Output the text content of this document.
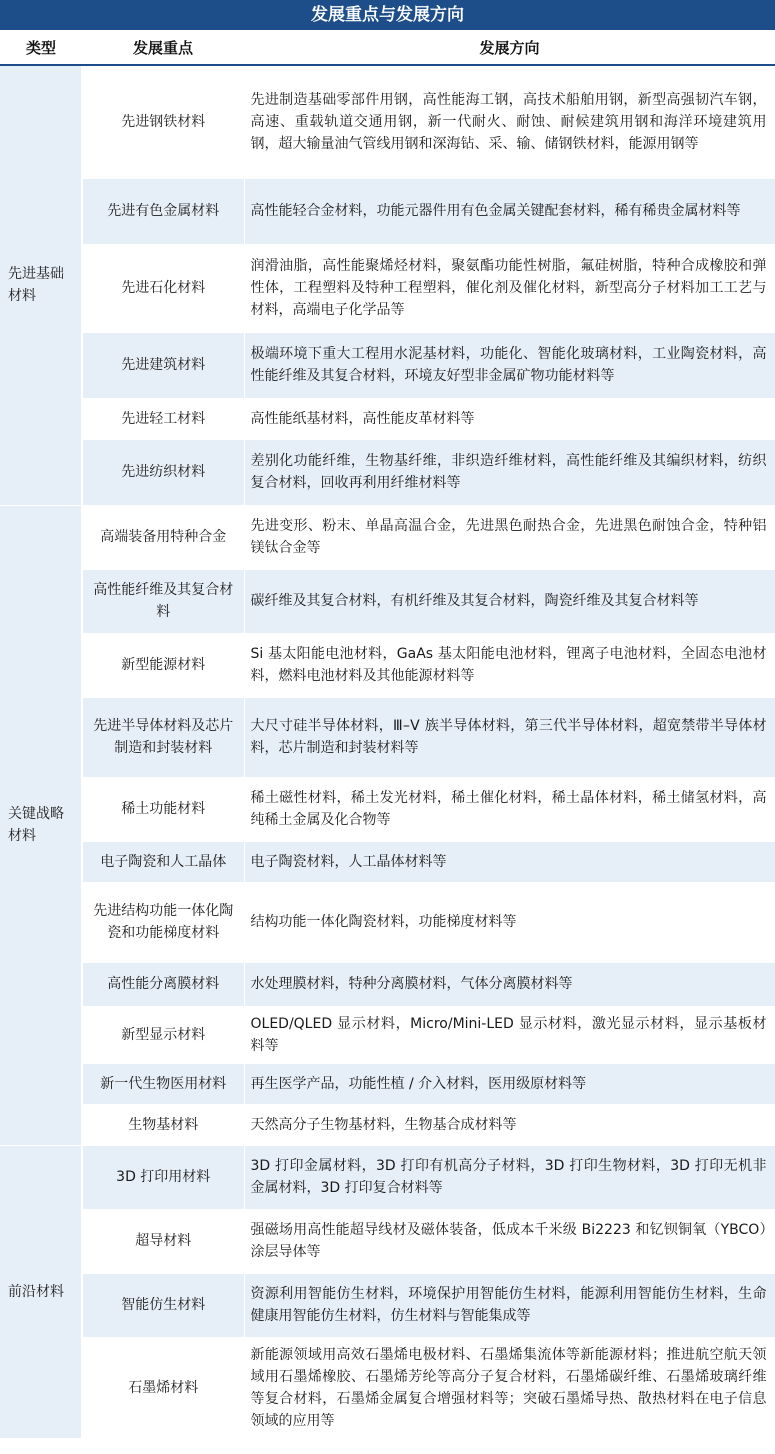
发展重点与发展方向
类型	发展重点	发展方向
先进基础
材料	先进钢铁材料	先进制造基础零部件用钢，高性能海工钢，高技术船舶用钢，新型高强韧汽车钢，高速、重载轨道交通用钢，新一代耐火、耐蚀、耐候建筑用钢和海洋环境建筑用钢，超大输量油气管线用钢和深海钻、采、输、储钢铁材料，能源用钢等
	先进有色金属材料	高性能轻合金材料，功能元器件用有色金属关键配套材料，稀有稀贵金属材料等
	先进石化材料	润滑油脂，高性能聚烯烃材料，聚氨酯功能性树脂，氟硅树脂，特种合成橡胶和弹性体，工程塑料及特种工程塑料，催化剂及催化材料，新型高分子材料加工工艺与材料，高端电子化学品等
	先进建筑材料	极端环境下重大工程用水泥基材料，功能化、智能化玻璃材料，工业陶瓷材料，高性能纤维及其复合材料，环境友好型非金属矿物功能材料等
	先进轻工材料	高性能纸基材料，高性能皮革材料等
	先进纺织材料	差别化功能纤维，生物基纤维，非织造纤维材料，高性能纤维及其编织材料，纺织复合材料，回收再利用纤维材料等
关键战略
材料	高端装备用特种合金	先进变形、粉末、单晶高温合金，先进黑色耐热合金，先进黑色耐蚀合金，特种铝镁钛合金等
	高性能纤维及其复合材料	碳纤维及其复合材料，有机纤维及其复合材料，陶瓷纤维及其复合材料等
	新型能源材料	Si 基太阳能电池材料，GaAs 基太阳能电池材料，锂离子电池材料，全固态电池材料，燃料电池材料及其他能源材料等
	先进半导体材料及芯片制造和封装材料	大尺寸硅半导体材料，Ⅲ–Ⅴ 族半导体材料，第三代半导体材料，超宽禁带半导体材料，芯片制造和封装材料等
	稀土功能材料	稀土磁性材料，稀土发光材料，稀土催化材料，稀土晶体材料，稀土储氢材料，高纯稀土金属及化合物等
	电子陶瓷和人工晶体	电子陶瓷材料，人工晶体材料等
	先进结构功能一体化陶瓷和功能梯度材料	结构功能一体化陶瓷材料，功能梯度材料等
	高性能分离膜材料	水处理膜材料，特种分离膜材料，气体分离膜材料等
	新型显示材料	OLED/QLED 显示材料，Micro/Mini-LED 显示材料，激光显示材料，显示基板材料等
	新一代生物医用材料	再生医学产品，功能性植 / 介入材料，医用级原材料等
	生物基材料	天然高分子生物基材料，生物基合成材料等
前沿材料	3D 打印用材料	3D 打印金属材料，3D 打印有机高分子材料，3D 打印生物材料，3D 打印无机非金属材料，3D 打印复合材料等
	超导材料	强磁场用高性能超导线材及磁体装备，低成本千米级 Bi2223 和钇钡铜氧（YBCO）涂层导体等
	智能仿生材料	资源利用智能仿生材料，环境保护用智能仿生材料，能源利用智能仿生材料，生命健康用智能仿生材料，仿生材料与智能集成等
	石墨烯材料	新能源领域用高效石墨烯电极材料、石墨烯集流体等新能源材料；推进航空航天领域用石墨烯橡胶、石墨烯芳纶等高分子复合材料，石墨烯碳纤维、石墨烯玻璃纤维等复合材料，石墨烯金属复合增强材料等；突破石墨烯导热、散热材料在电子信息领域的应用等
